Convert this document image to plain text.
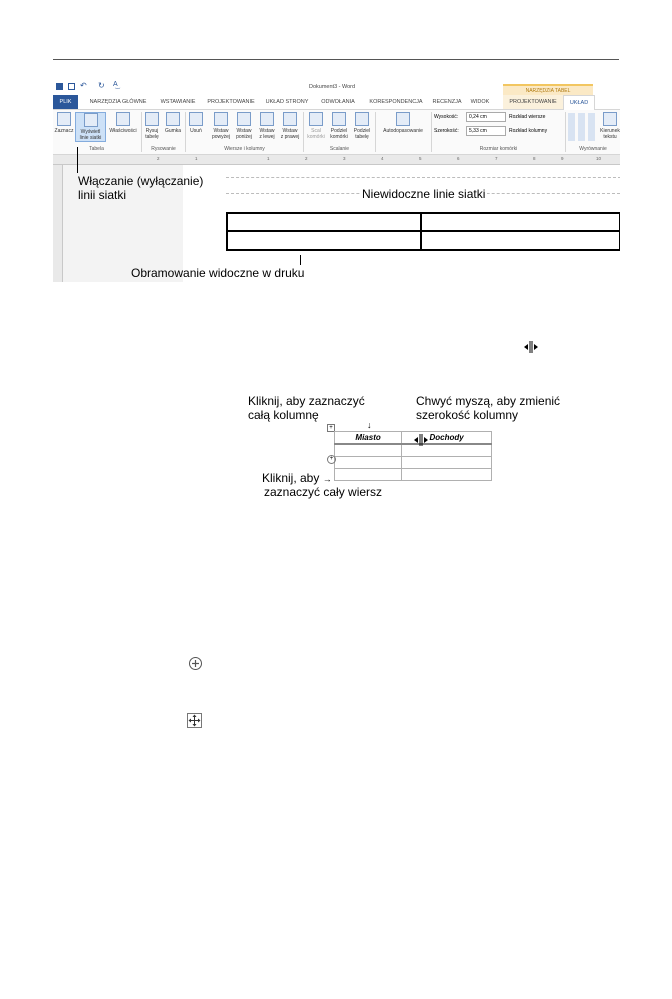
↶ ↻ A͜	Dokument3 - Word
NARZĘDZIA TABEL
PLIK	NARZĘDZIA GŁÓWNE	WSTAWIANIE	PROJEKTOWANIE	UKŁAD STRONY	ODWOŁANIA	KORESPONDENCJA	RECENZJA	WIDOK	PROJEKTOWANIE	UKŁAD
Zaznacz	Wyświetl
linie siatki
Właściwości	Rysuj
tabelę
Gumka	Usuń	Wstaw
powyżej
Wstaw
poniżej
Wstaw
z lewej
Wstaw
z prawej
Scal
komórki
Podziel
komórki
Podziel
tabelę
Autodopasowanie
Wysokość:	0,24 cm
Szerokość:	5,33 cm
Rozkład wiersze
Rozkład kolumny	Kierunek
tekstu
Tabela	Rysowanie	Wiersze i kolumny	Scalanie	Rozmiar komórki	Wyrównanie
2	1	1	2	3	4	5	6	7	8	9	10
Włączanie (wyłączanie)
linii siatki	Niewidoczne linie siatki
Obramowanie widoczne w druku
Kliknij, aby zaznaczyć
całą kolumnę
Chwyć myszą, aby zmienić
szerokość kolumny
↓
+
Miasto	Dochody

+
Kliknij, aby →
zaznaczyć cały wiersz
